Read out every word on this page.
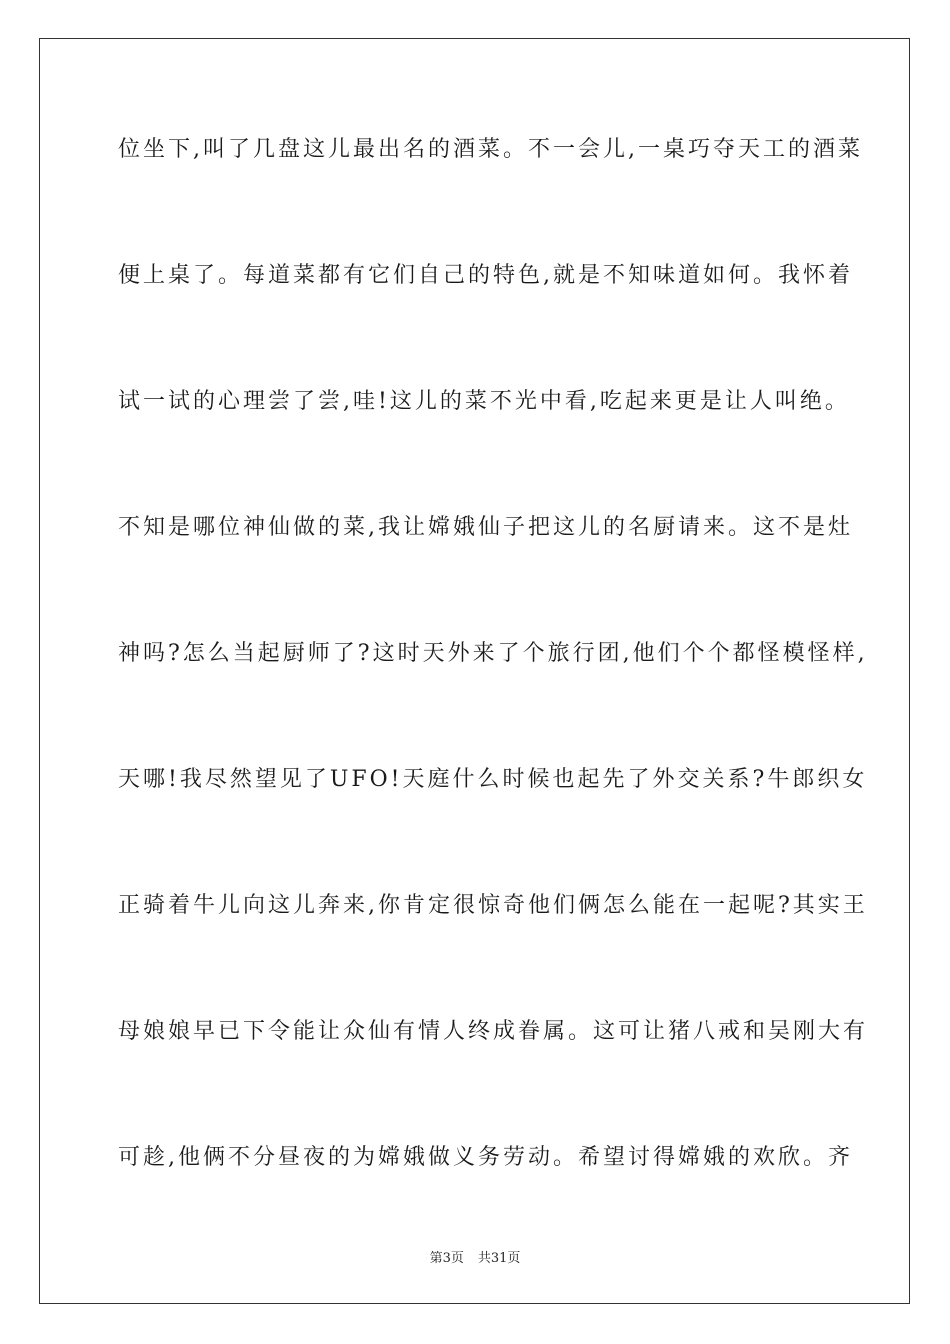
位坐下,叫了几盘这儿最出名的酒菜。不一会儿,一桌巧夺天工的酒菜
便上桌了。每道菜都有它们自己的特色,就是不知味道如何。我怀着
试一试的心理尝了尝,哇!这儿的菜不光中看,吃起来更是让人叫绝。
不知是哪位神仙做的菜,我让嫦娥仙子把这儿的名厨请来。这不是灶
神吗?怎么当起厨师了?这时天外来了个旅行团,他们个个都怪模怪样,
天哪!我尽然望见了UFO!天庭什么时候也起先了外交关系?牛郎织女
正骑着牛儿向这儿奔来,你肯定很惊奇他们俩怎么能在一起呢?其实王
母娘娘早已下令能让众仙有情人终成眷属。这可让猪八戒和吴刚大有
可趁,他俩不分昼夜的为嫦娥做义务劳动。希望讨得嫦娥的欢欣。齐
第3页 共31页
